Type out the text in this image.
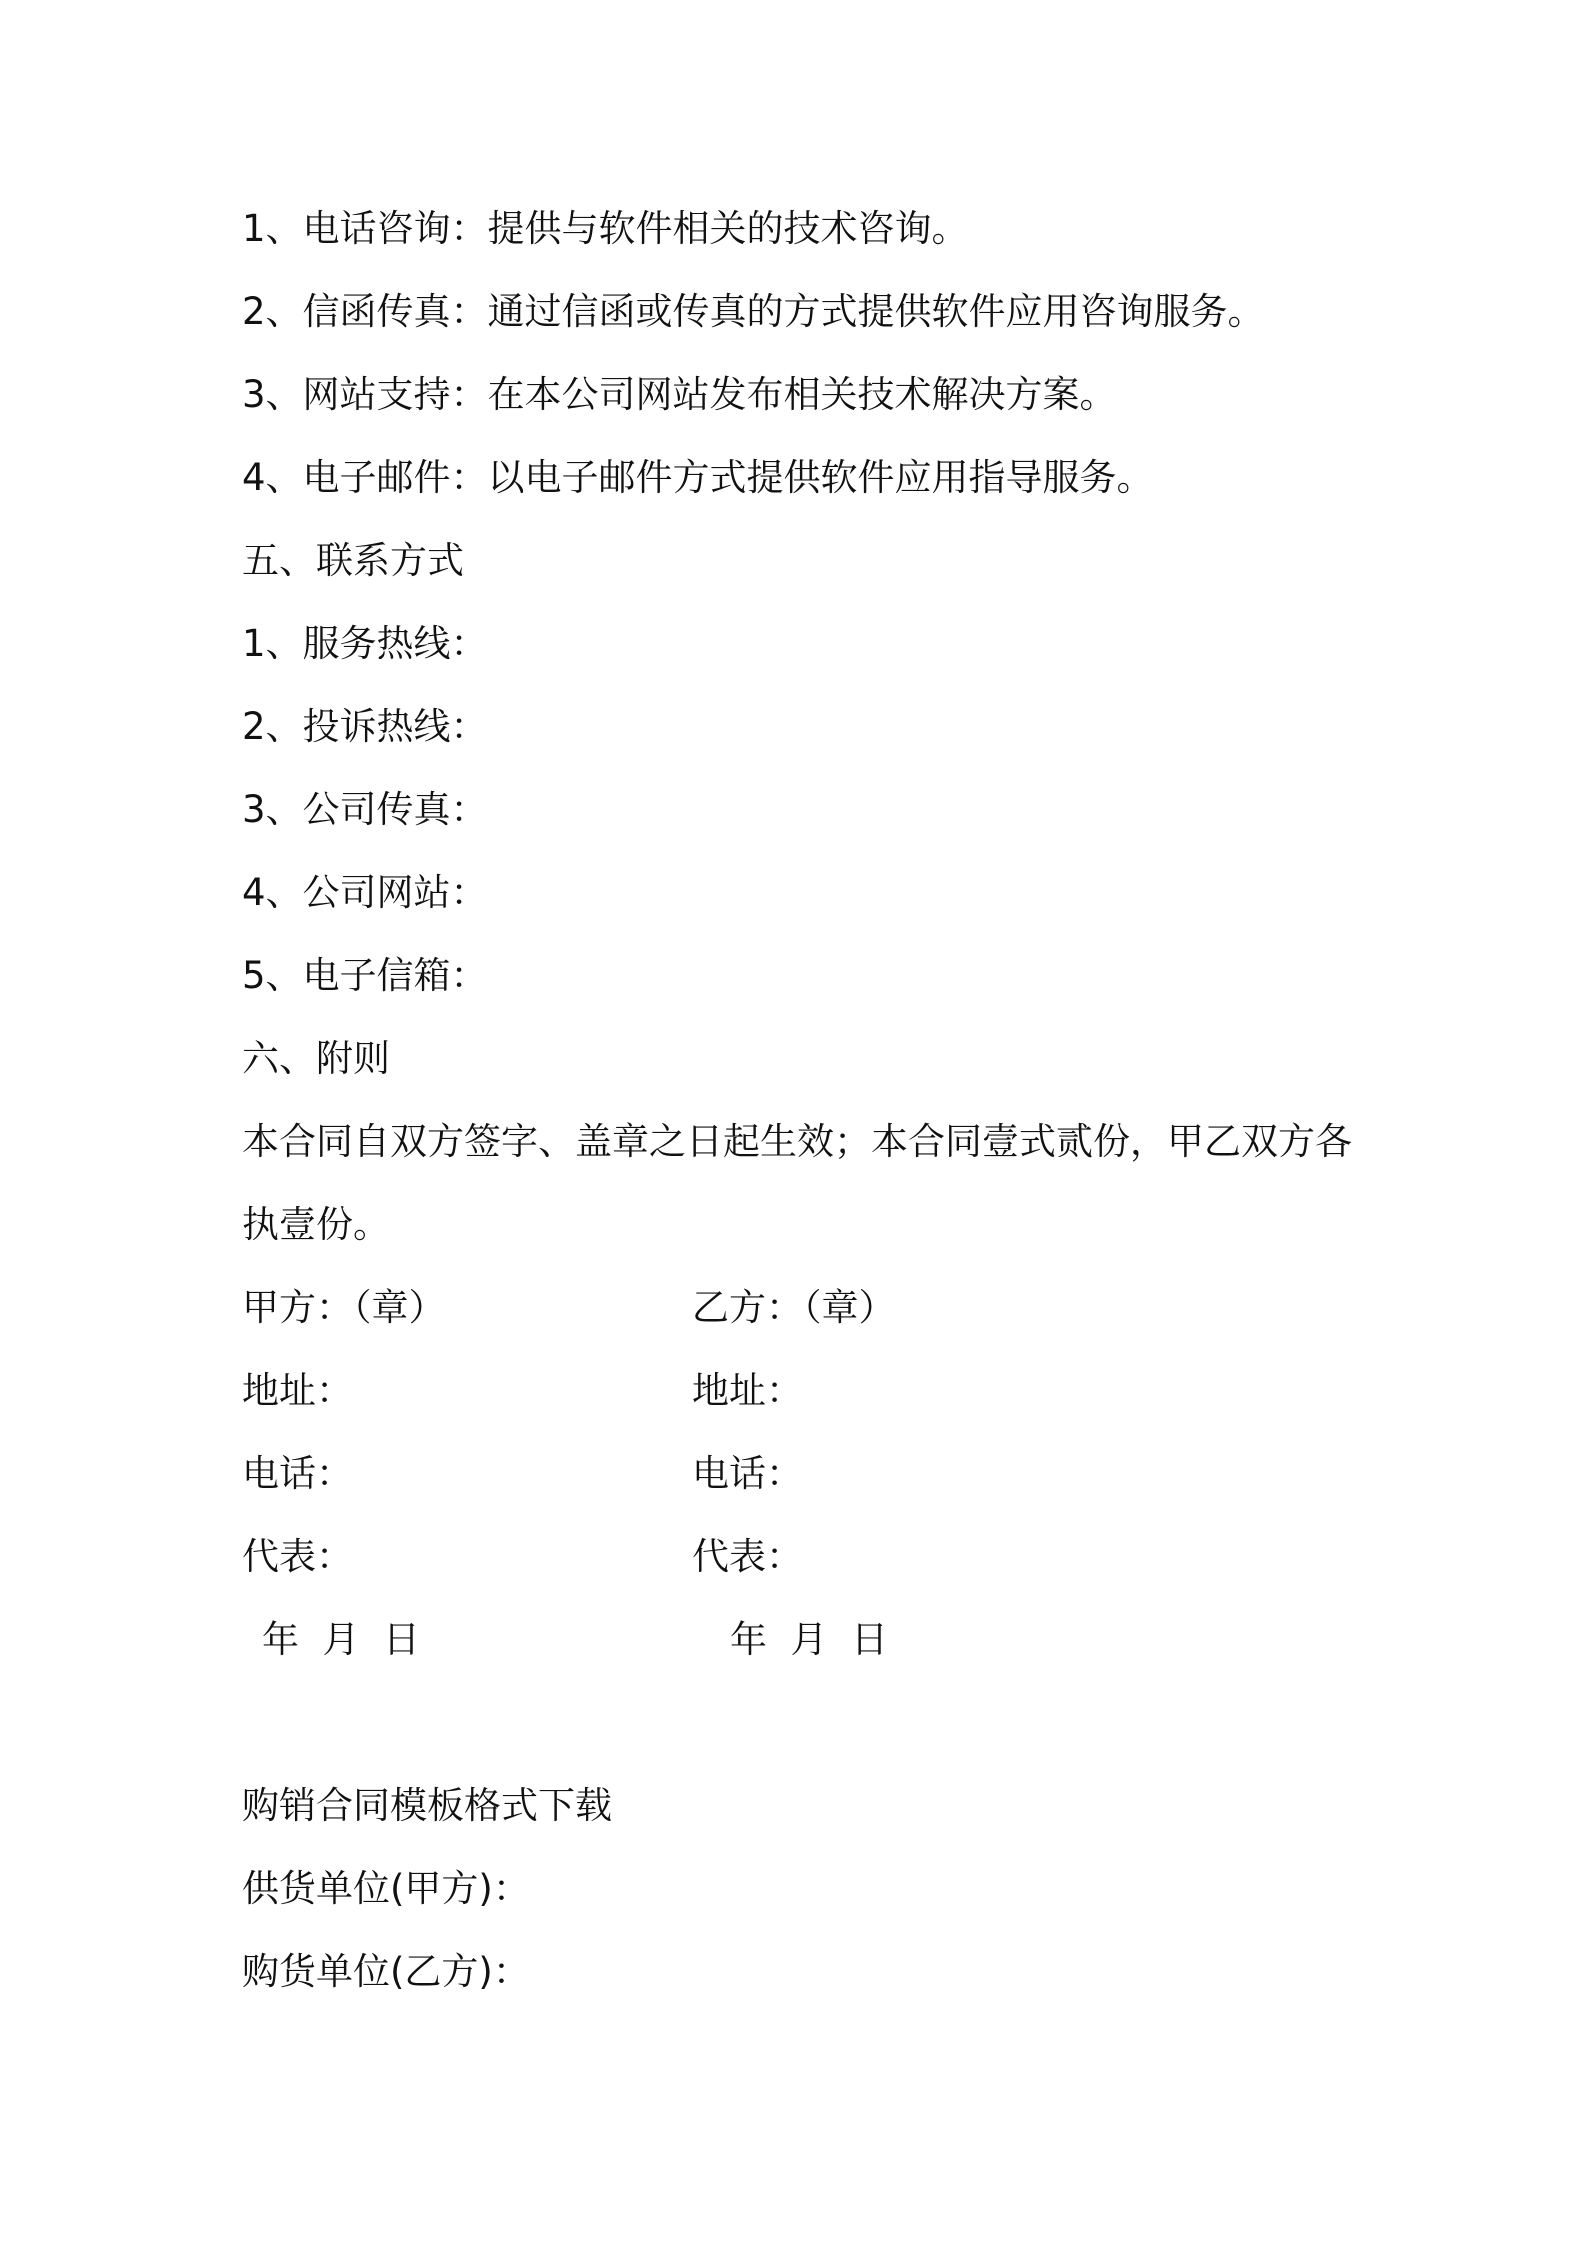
1、电话咨询：提供与软件相关的技术咨询。
2、信函传真：通过信函或传真的方式提供软件应用咨询服务。
3、网站支持：在本公司网站发布相关技术解决方案。
4、电子邮件：以电子邮件方式提供软件应用指导服务。
五、联系方式
1、服务热线：
2、投诉热线：
3、公司传真：
4、公司网站：
5、电子信箱：
六、附则
本合同自双方签字、盖章之日起生效；本合同壹式贰份，甲乙双方各
执壹份。
甲方：（章）	乙方：（章）
地址：	地址：
电话：	电话：
代表：	代表：
年  月  日	年  月  日
购销合同模板格式下载
供货单位(甲方)：
购货单位(乙方)：
